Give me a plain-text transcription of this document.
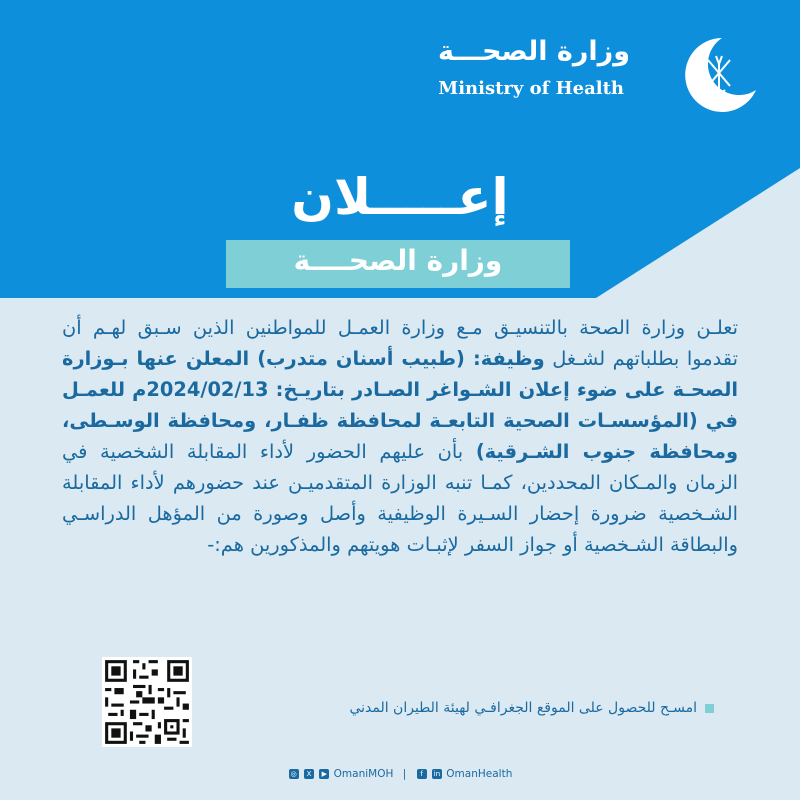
وزارة الصحـــة
Ministry of Health
إعـــــلان
وزارة الصحــــة
تعلـن وزارة الصحة بالتنسيـق مـع وزارة العمـل للمواطنين الذين سـبق لهـم أن تقدموا بطلباتهم لشـغل وظيفة: (طبيب أسنان متدرب) المعلن عنها بـوزارة الصحـة على ضوء إعلان الشـواغر الصـادر بتاريـخ: 2024/02/13م للعمـل في (المؤسسـات الصحية التابعـة لمحافظة ظفـار، ومحافظة الوسـطى، ومحافظة جنوب الشـرقية) بأن عليهم الحضور لأداء المقابلة الشخصية في الزمان والمـكان المحددين، كمـا تنبه الوزارة المتقدميـن عند حضورهم لأداء المقابلة الشـخصية ضرورة إحضار السـيرة الوظيفية وأصل وصورة من المؤهل الدراسـي والبطاقة الشـخصية أو جواز السفر لإثبـات هويتهم والمذكورين هم:-
امسـح للحصول على الموقع الجغرافـي لهيئة الطيران المدني
◎ X ▶ OmaniMOH | f in OmanHealth
